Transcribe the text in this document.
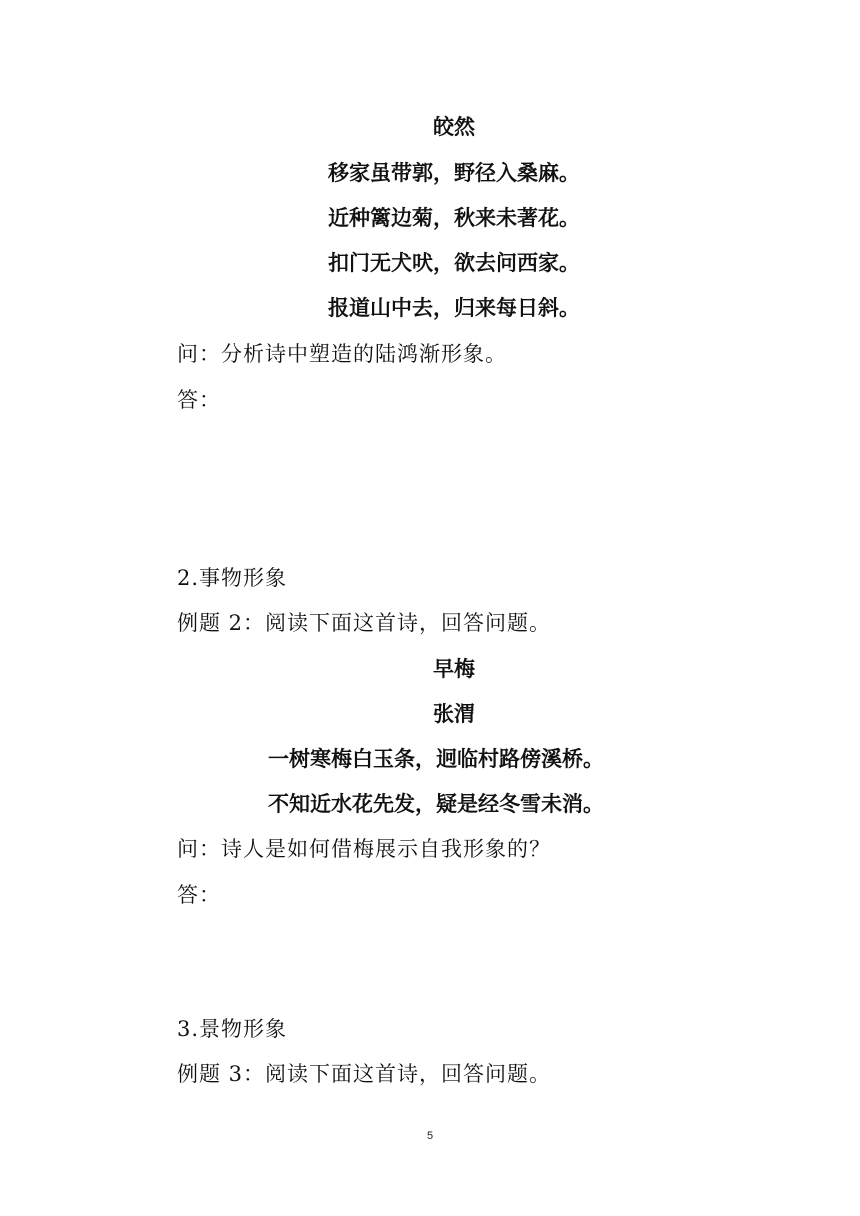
皎然
移家虽带郭，野径入桑麻。
近种篱边菊，秋来未著花。
扣门无犬吠，欲去问西家。
报道山中去，归来每日斜。
问：分析诗中塑造的陆鸿渐形象。
答：
2.事物形象
例题 2：阅读下面这首诗，回答问题。
早梅
张渭
一树寒梅白玉条，迥临村路傍溪桥。
不知近水花先发，疑是经冬雪未消。
问：诗人是如何借梅展示自我形象的？
答：
3.景物形象
例题 3：阅读下面这首诗，回答问题。
5
